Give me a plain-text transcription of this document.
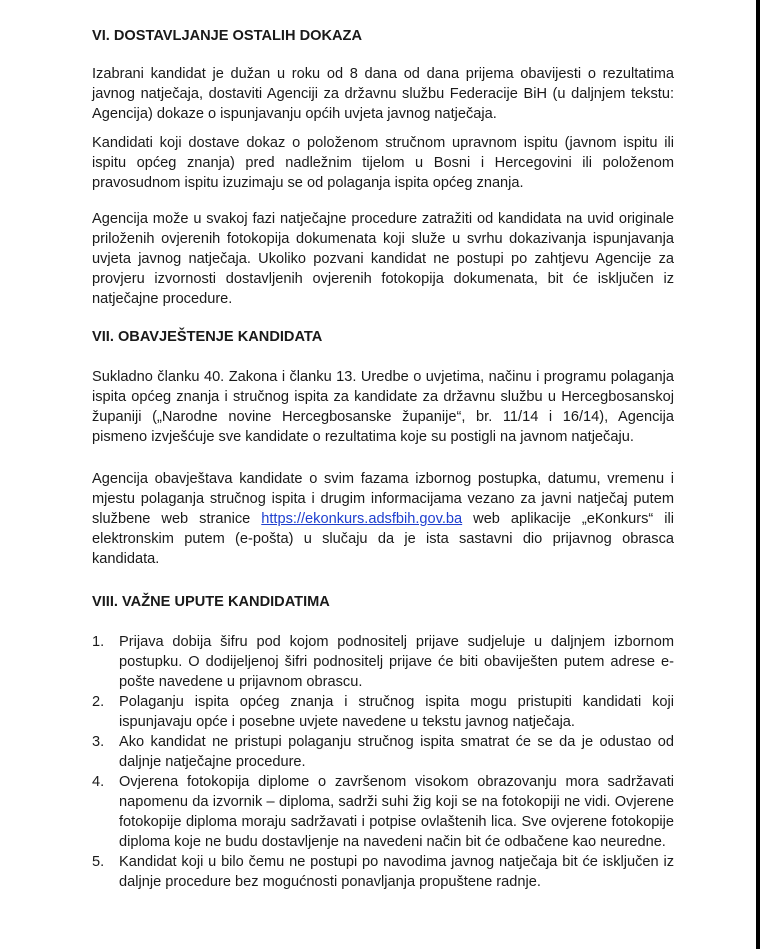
VI. DOSTAVLJANJE OSTALIH DOKAZA

Izabrani kandidat je dužan u roku od 8 dana od dana prijema obavijesti o rezultatima javnog natječaja, dostaviti Agenciji za državnu službu Federacije BiH (u daljnjem tekstu: Agencija) dokaze o ispunjavanju općih uvjeta javnog natječaja.

Kandidati koji dostave dokaz o položenom stručnom upravnom ispitu (javnom ispitu ili ispitu općeg znanja) pred nadležnim tijelom u Bosni i Hercegovini ili položenom pravosudnom ispitu izuzimaju se od polaganja ispita općeg znanja.

Agencija može u svakoj fazi natječajne procedure zatražiti od kandidata na uvid originale priloženih ovjerenih fotokopija dokumenata koji služe u svrhu dokazivanja ispunjavanja uvjeta javnog natječaja. Ukoliko pozvani kandidat ne postupi po zahtjevu Agencije za provjeru izvornosti dostavljenih ovjerenih fotokopija dokumenata, bit će isključen iz natječajne procedure.

VII. OBAVJEŠTENJE KANDIDATA

Sukladno članku 40. Zakona i članku 13. Uredbe o uvjetima, načinu i programu polaganja ispita općeg znanja i stručnog ispita za kandidate za državnu službu u Hercegbosanskoj županiji („Narodne novine Hercegbosanske županije“, br. 11/14 i 16/14), Agencija pismeno izvješćuje sve kandidate o rezultatima koje su postigli na javnom natječaju.

Agencija obavještava kandidate o svim fazama izbornog postupka, datumu, vremenu i mjestu polaganja stručnog ispita i drugim informacijama vezano za javni natječaj putem službene web stranice https://ekonkurs.adsfbih.gov.ba web aplikacije „eKonkurs“ ili elektronskim putem (e-pošta) u slučaju da je ista sastavni dio prijavnog obrasca kandidata.

VIII. VAŽNE UPUTE KANDIDATIMA
1. Prijava dobija šifru pod kojom podnositelj prijave sudjeluje u daljnjem izbornom postupku. O dodijeljenoj šifri podnositelj prijave će biti obaviješten putem adrese e-pošte navedene u prijavnom obrascu.
2. Polaganju ispita općeg znanja i stručnog ispita mogu pristupiti kandidati koji ispunjavaju opće i posebne uvjete navedene u tekstu javnog natječaja.
3. Ako kandidat ne pristupi polaganju stručnog ispita smatrat će se da je odustao od daljnje natječajne procedure.
4. Ovjerena fotokopija diplome o završenom visokom obrazovanju mora sadržavati napomenu da izvornik – diploma, sadrži suhi žig koji se na fotokopiji ne vidi. Ovjerene fotokopije diploma moraju sadržavati i potpise ovlaštenih lica. Sve ovjerene fotokopije diploma koje ne budu dostavljenje na navedeni način bit će odbačene kao neuredne.
5. Kandidat koji u bilo čemu ne postupi po navodima javnog natječaja bit će isključen iz daljnje procedure bez mogućnosti ponavljanja propuštene radnje.
